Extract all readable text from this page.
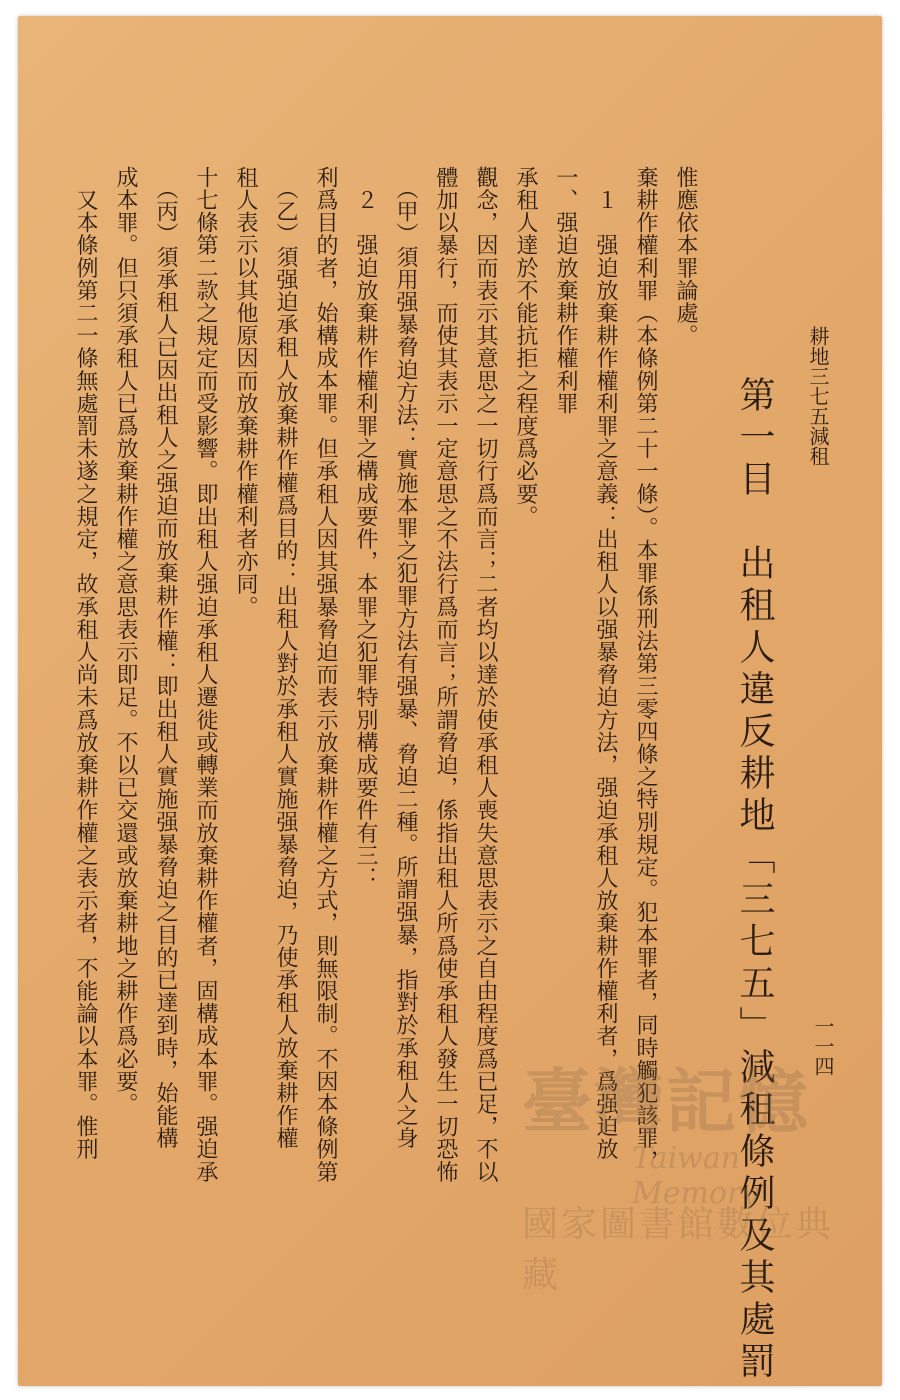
耕地三七五減租
一一四
第一目　出租人違反耕地「三七五」減租條例及其處罰
惟應依本罪論處。
棄耕作權利罪（本條例第二十一條）。本罪係刑法第三零四條之特別規定。犯本罪者，同時觸犯該罪，
　１　强迫放棄耕作權利罪之意義：出租人以强暴脅迫方法，强迫承租人放棄耕作權利者，爲强迫放
一、强迫放棄耕作權利罪
承租人達於不能抗拒之程度爲必要。
觀念，因而表示其意思之一切行爲而言；二者均以達於使承租人喪失意思表示之自由程度爲已足，不以
體加以暴行，而使其表示一定意思之不法行爲而言；所謂脅迫，係指出租人所爲使承租人發生一切恐怖
　（甲）須用强暴脅迫方法：實施本罪之犯罪方法有强暴、脅迫二種。所謂强暴，指對於承租人之身
　２　强迫放棄耕作權利罪之構成要件，本罪之犯罪特別構成要件有三：
利爲目的者，始構成本罪。但承租人因其强暴脅迫而表示放棄耕作權之方式，則無限制。不因本條例第
　（乙）須强迫承租人放棄耕作權爲目的：出租人對於承租人實施强暴脅迫，乃使承租人放棄耕作權
租人表示以其他原因而放棄耕作權利者亦同。
十七條第二款之規定而受影響。即出租人强迫承租人遷徙或轉業而放棄耕作權者，固構成本罪。强迫承
　（丙）須承租人已因出租人之强迫而放棄耕作權：即出租人實施强暴脅迫之目的已達到時，始能構
成本罪。但只須承租人已爲放棄耕作權之意思表示即足。不以已交還或放棄耕地之耕作爲必要。
　又本條例第二一條無處罰未遂之規定，故承租人尚未爲放棄耕作權之表示者，不能論以本罪。惟刑	臺灣記憶
Taiwan Memory
國家圖書館數位典藏
